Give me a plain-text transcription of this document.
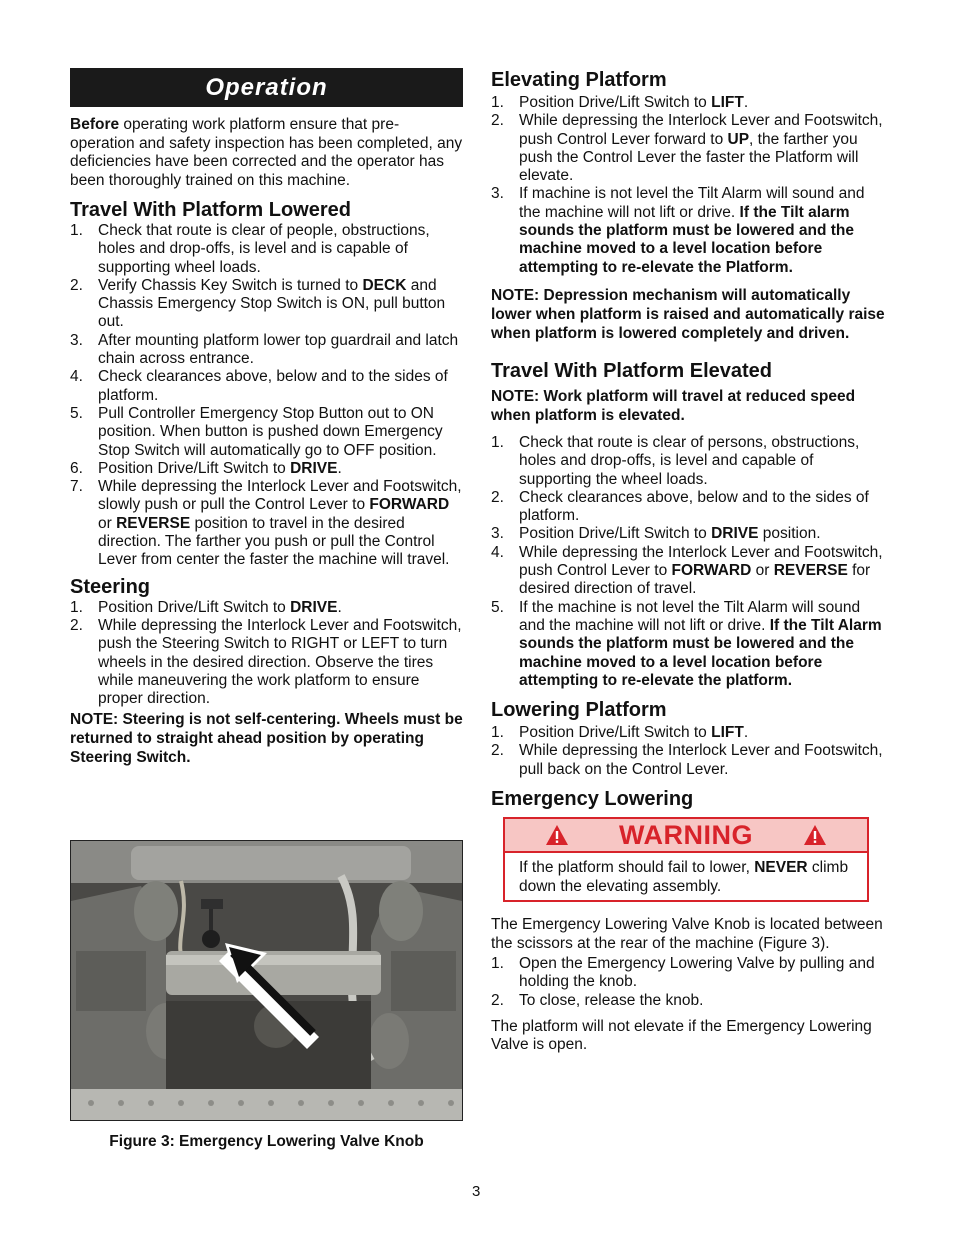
Operation

Before operating work platform ensure that pre-operation and safety inspection has been completed, any deficiencies have been corrected and the operator has been thoroughly trained on this machine.

Travel With Platform Lowered
1. Check that route is clear of people, obstructions, holes and drop-offs, is level and is capable of supporting wheel loads.
2. Verify Chassis Key Switch is turned to DECK and Chassis Emergency Stop Switch is ON, pull button out.
3. After mounting platform lower top guardrail and latch chain across entrance.
4. Check clearances above, below and to the sides of platform.
5. Pull Controller Emergency Stop Button out to ON position. When button is pushed down Emergency Stop Switch will automatically go to OFF position.
6. Position Drive/Lift Switch to DRIVE.
7. While depressing the Interlock Lever and Footswitch, slowly push or pull the Control Lever to FORWARD or REVERSE position to travel in the desired direction. The farther you push or pull the Control Lever from center the faster the machine will travel.
Steering
1. Position Drive/Lift Switch to DRIVE.
2. While depressing the Interlock Lever and Footswitch, push the Steering Switch to RIGHT or LEFT to turn wheels in the desired direction. Observe the tires while maneuvering the work platform to ensure proper direction.

NOTE: Steering is not self-centering. Wheels must be returned to straight ahead position by operating Steering Switch.

Figure 3: Emergency Lowering Valve Knob
Elevating Platform
1. Position Drive/Lift Switch to LIFT.
2. While depressing the Interlock Lever and Footswitch, push Control Lever forward to UP, the farther you push the Control Lever the faster the Platform will elevate.
3. If machine is not level the Tilt Alarm will sound and the machine will not lift or drive. If the Tilt alarm sounds the platform must be lowered and the machine moved to a level location before attempting to re-elevate the Platform.

NOTE: Depression mechanism will automatically lower when platform is raised and automatically raise when platform is lowered completely and driven.

Travel With Platform Elevated

NOTE: Work platform will travel at reduced speed when platform is elevated.

1. Check that route is clear of persons, obstructions, holes and drop-offs, is level and capable of supporting the wheel loads.
2. Check clearances above, below and to the sides of platform.
3. Position Drive/Lift Switch to DRIVE position.
4. While depressing the Interlock Lever and Footswitch, push Control Lever to FORWARD or REVERSE for desired direction of travel.
5. If the machine is not level the Tilt Alarm will sound and the machine will not lift or drive. If the Tilt Alarm sounds the platform must be lowered and the machine moved to a level location before attempting to re-elevate the platform.
Lowering Platform
1. Position Drive/Lift Switch to LIFT.
2. While depressing the Interlock Lever and Footswitch, pull back on the Control Lever.
Emergency Lowering
WARNING
If the platform should fail to lower, NEVER climb down the elevating assembly.

The Emergency Lowering Valve Knob is located between the scissors at the rear of the machine (Figure 3).

1. Open the Emergency Lowering Valve by pulling and holding the knob.
2. To close, release the knob.

The platform will not elevate if the Emergency Lowering Valve is open.

3
